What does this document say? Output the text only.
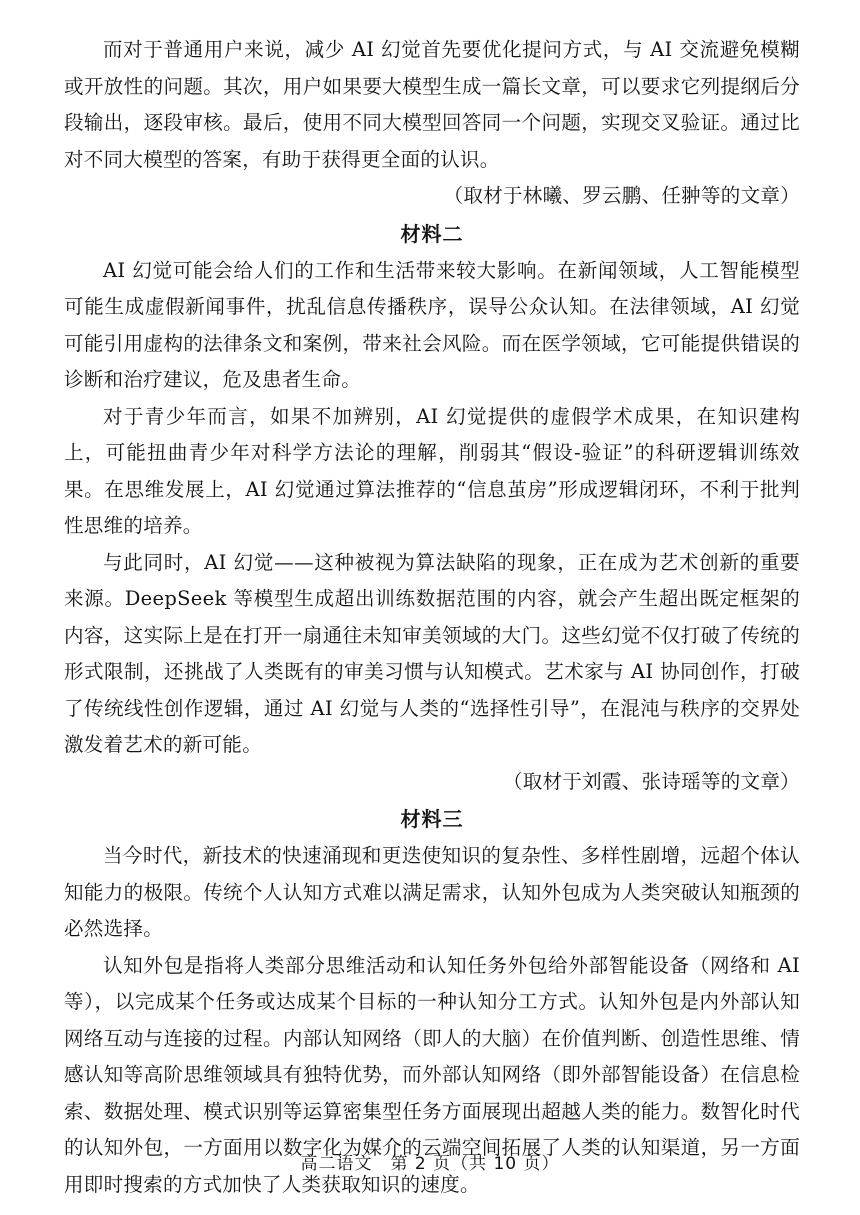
而对于普通用户来说，减少 AI 幻觉首先要优化提问方式，与 AI 交流避免模糊或开放性的问题。其次，用户如果要大模型生成一篇长文章，可以要求它列提纲后分段输出，逐段审核。最后，使用不同大模型回答同一个问题，实现交叉验证。通过比对不同大模型的答案，有助于获得更全面的认识。

（取材于林曦、罗云鹏、任翀等的文章）

材料二

AI 幻觉可能会给人们的工作和生活带来较大影响。在新闻领域，人工智能模型可能生成虚假新闻事件，扰乱信息传播秩序，误导公众认知。在法律领域，AI 幻觉可能引用虚构的法律条文和案例，带来社会风险。而在医学领域，它可能提供错误的诊断和治疗建议，危及患者生命。

对于青少年而言，如果不加辨别，AI 幻觉提供的虚假学术成果，在知识建构上，可能扭曲青少年对科学方法论的理解，削弱其“假设-验证”的科研逻辑训练效果。在思维发展上，AI 幻觉通过算法推荐的“信息茧房”形成逻辑闭环，不利于批判性思维的培养。

与此同时，AI 幻觉——这种被视为算法缺陷的现象，正在成为艺术创新的重要来源。DeepSeek 等模型生成超出训练数据范围的内容，就会产生超出既定框架的内容，这实际上是在打开一扇通往未知审美领域的大门。这些幻觉不仅打破了传统的形式限制，还挑战了人类既有的审美习惯与认知模式。艺术家与 AI 协同创作，打破了传统线性创作逻辑，通过 AI 幻觉与人类的“选择性引导”，在混沌与秩序的交界处激发着艺术的新可能。

（取材于刘霞、张诗瑶等的文章）

材料三

当今时代，新技术的快速涌现和更迭使知识的复杂性、多样性剧增，远超个体认知能力的极限。传统个人认知方式难以满足需求，认知外包成为人类突破认知瓶颈的必然选择。

认知外包是指将人类部分思维活动和认知任务外包给外部智能设备（网络和 AI 等），以完成某个任务或达成某个目标的一种认知分工方式。认知外包是内外部认知网络互动与连接的过程。内部认知网络（即人的大脑）在价值判断、创造性思维、情感认知等高阶思维领域具有独特优势，而外部认知网络（即外部智能设备）在信息检索、数据处理、模式识别等运算密集型任务方面展现出超越人类的能力。数智化时代的认知外包，一方面用以数字化为媒介的云端空间拓展了人类的认知渠道，另一方面用即时搜索的方式加快了人类获取知识的速度。

高二语文　第 2 页（共 10 页）
